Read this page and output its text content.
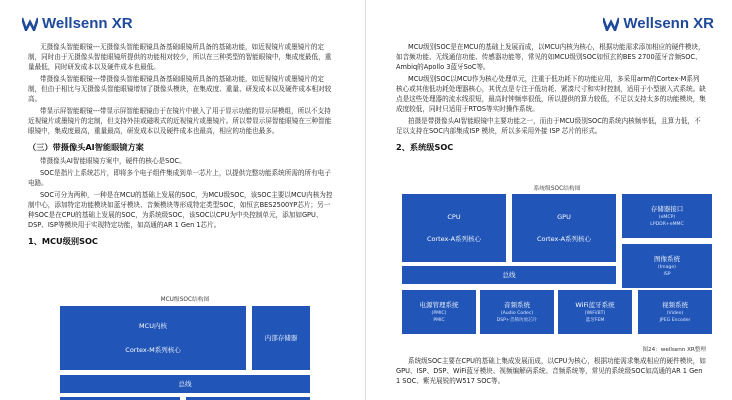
Wellsenn XR

无摄像头智能眼镜---无摄像头智能眼镜具备基础眼镜所具备的基础功能，如近视镜片或墨镜片的定制，同时由于无摄像头智能眼镜所提供的功能相对较少，所以在三种类型的智能眼镜中，集成度最低，重量最低，同时研发成本以及硬件成本也最低。

带摄像头智能眼镜---带摄像头智能眼镜具备基础眼镜所具备的基础功能，如近视镜片或墨镜片的定制，但由于相比与无摄像头智能眼镜增加了摄像头模块，在集成度、重量、研发成本以及硬件成本相对较高。

带显示屏智能眼镜---带显示屏智能眼镜由于在镜片中嵌入了用于显示功能的显示屏模组，所以不支持近视镜片或墨镜片的定制，但支持外挂或磁吸式的近视镜片或墨镜片。所以带显示屏智能眼镜在三种智能眼镜中，集成度最高，重量最高，研发成本以及硬件成本也最高，相应的功能也最多。

（三）带摄像头AI智能眼镜方案

带摄像头AI智能眼镜方案中，硬件的核心是SOC。

SOC是指片上系统芯片，即将多个电子组件集成到单一芯片上，以提供完整功能系统所需的所有电子电路。

SOC可分为两种，一种是在MCU的基础上发展的SOC，为MCU级SOC，该SOC主要以MCU内核为控制中心，添加特定功能模块如蓝牙模块、音频模块等形成特定类型SOC，如恒玄BES2500YP芯片；另一种SOC是在CPU的基础上发展的SOC，为系统级SOC，该SOC以CPU为中央控制单元，添加如GPU、DSP、ISP等模块用于实现特定功能，如高通的AR 1 Gen 1芯片。

1、MCU级别SOC
MCU级SOC结构图
MCU内核
Cortex-M系列核心
内部存储器
总线
Wellsenn XR

MCU级别SOC是在MCU的基础上发展而成，以MCU内核为核心，根据功能需求添加相应的硬件模块，如音频功能、无线通信功能、传感器功能等，常见的如MCU级别SOC如恒玄的BES 2700蓝牙音频SOC、Ambiq的Apollo 3蓝牙SoC等。

MCU级别SOC以MCU作为核心处理单元，注重于低功耗下的功能应用，多采用arm的Cortex-M系列核心或其他低功耗处理器核心，其优点是专注于低功耗、紧凑尺寸和实时控制，适用于小型嵌入式系统。缺点是这些处理器的流水线很短，最高时钟频率很低，所以提供的算力较低，不足以支持太多的功能模块，集成度较低，同时只适用于RTOS等实时操作系统。

拍摄是带摄像头AI智能眼镜中主要功能之一，而由于MCU级别SOC的系统内核频率低，且算力低，不足以支持在SOC内部集成ISP 模块，所以多采用外接 ISP 芯片的形式。

2、系统级SOC
系统级SOC结构图
CPU
Cortex-A系列核心
GPU
Cortex-A系列核心
存储器接口
(eMCP)
LPDDR+eMMC
总线
图像系统
(Image)
ISP
电源管理系统
(PMIC)
PMIC
音频系统
(Audio Codec)
DSP+音频功放芯片
WiFi蓝牙系统
(WiFi/BT)
蓝牙FEM
视频系统
(Video)
JPEG Encoder
图24：wellsenn XR整理

系统级SOC主要在CPU的基础上集成发展而成，以CPU为核心，根据功能需求集成相应的硬件模块，如GPU、ISP、DSP、WiFi蓝牙模块、视频编解码系统、音频系统等，常见的系统级SOC如高通的AR 1 Gen 1 SOC、紫光展锐的W517 SOC等。
